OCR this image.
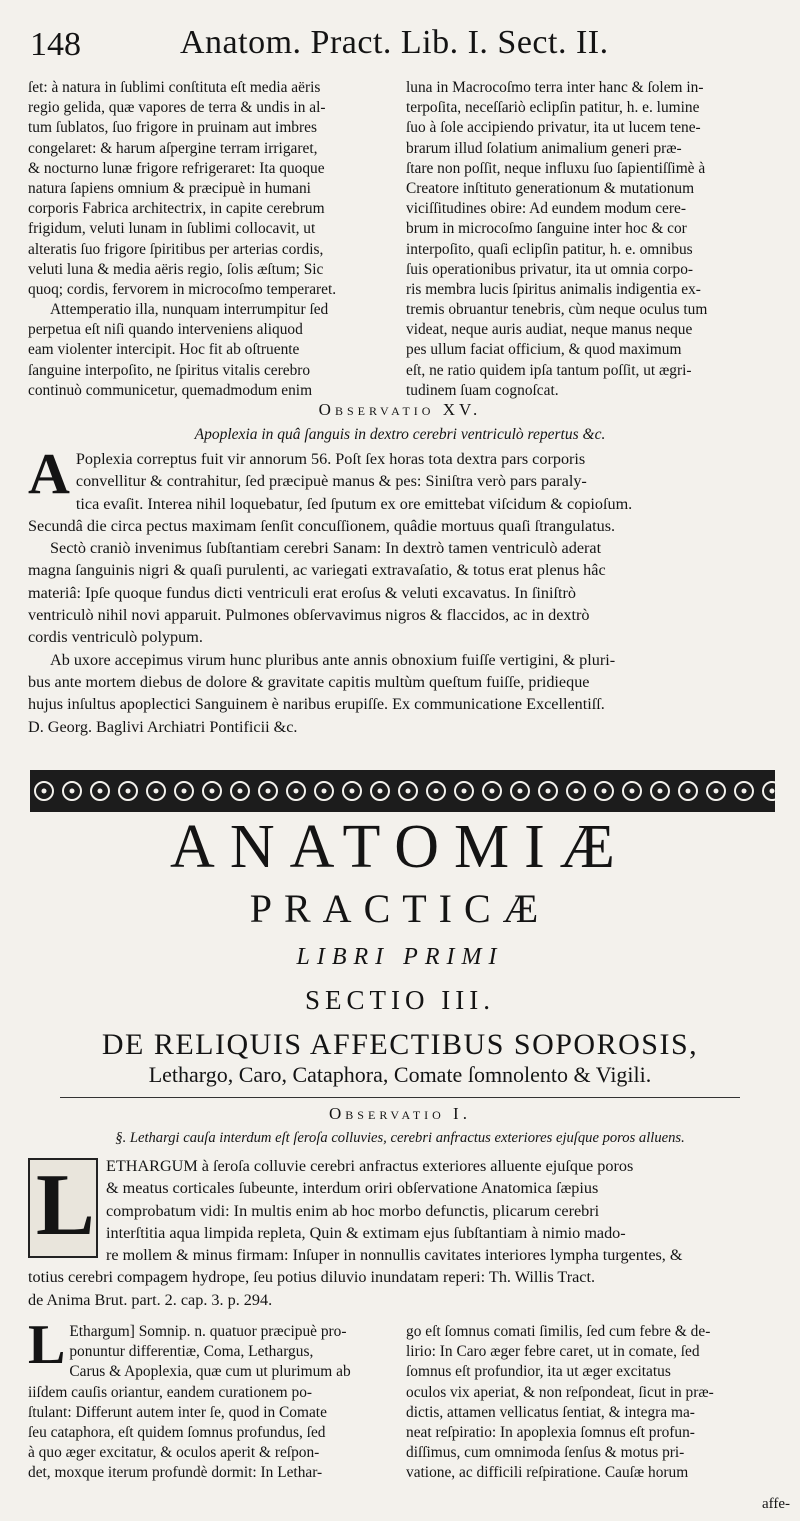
148	Anatom. Pract. Lib. I. Sect. II.
ſet: à natura in ſublimi conſtituta eſt media aëris
regio gelida, quæ vapores de terra & undis in al-
tum ſublatos, ſuo frigore in pruinam aut imbres
congelaret: & harum aſpergine terram irrigaret,
& nocturno lunæ frigore refrigeraret: Ita quoque
natura ſapiens omnium & præcipuè in humani
corporis Fabrica architectrix, in capite cerebrum
frigidum, veluti lunam in ſublimi collocavit, ut
alteratis ſuo frigore ſpiritibus per arterias cordis,
veluti luna & media aëris regio, ſolis æſtum; Sic
quoq; cordis, fervorem in microcoſmo temperaret.
Attemperatio illa, nunquam interrumpitur ſed
perpetua eſt niſi quando interveniens aliquod
eam violenter intercipit. Hoc fit ab oſtruente
ſanguine interpoſito, ne ſpiritus vitalis cerebro
continuò communicetur, quemadmodum enim
luna in Macrocoſmo terra inter hanc & ſolem in-
terpoſita, neceſſariò eclipſin patitur, h. e. lumine
ſuo à ſole accipiendo privatur, ita ut lucem tene-
brarum illud ſolatium animalium generi præ-
ſtare non poſſit, neque influxu ſuo ſapientiſſimè à
Creatore inſtituto generationum & mutationum
viciſſitudines obire: Ad eundem modum cere-
brum in microcoſmo ſanguine inter hoc & cor
interpoſito, quaſi eclipſin patitur, h. e. omnibus
ſuis operationibus privatur, ita ut omnia corpo-
ris membra lucis ſpiritus animalis indigentia ex-
tremis obruantur tenebris, cùm neque oculus tum
videat, neque auris audiat, neque manus neque
pes ullum faciat officium, & quod maximum
eſt, ne ratio quidem ipſa tantum poſſit, ut ægri-
tudinem ſuam cognoſcat.
Observatio XV.
Apoplexia in quâ ſanguis in dextro cerebri ventriculò repertus &c.
A Poplexia correptus fuit vir annorum 56. Poſt ſex horas tota dextra pars corporis
convellitur & contrahitur, ſed præcipuè manus & pes: Siniſtra verò pars paraly-
tica evaſit. Interea nihil loquebatur, ſed ſputum ex ore emittebat viſcidum & copioſum.
Secundâ die circa pectus maximam ſenſit concuſſionem, quâdie mortuus quaſi ſtrangulatus.
Sectò craniò invenimus ſubſtantiam cerebri Sanam: In dextrò tamen ventriculò aderat
magna ſanguinis nigri & quaſi purulenti, ac variegati extravaſatio, & totus erat plenus hâc
materiâ: Ipſe quoque fundus dicti ventriculi erat eroſus & veluti excavatus. In ſiniſtrò
ventriculò nihil novi apparuit. Pulmones obſervavimus nigros & flaccidos, ac in dextrò
cordis ventriculò polypum.
Ab uxore accepimus virum hunc pluribus ante annis obnoxium fuiſſe vertigini, & pluri-
bus ante mortem diebus de dolore & gravitate capitis multùm queſtum fuiſſe, pridieque
hujus inſultus apoplectici Sanguinem è naribus erupiſſe. Ex communicatione Excellentiſſ.
D. Georg. Baglivi Archiatri Pontificii &c.
ANATOMIÆ
PRACTICÆ
LIBRI PRIMI
SECTIO III.
DE RELIQUIS AFFECTIBUS SOPOROSIS,
Lethargo, Caro, Cataphora, Comate ſomnolento & Vigili.
Observatio I.
§. Lethargi cauſa interdum eſt ſeroſa colluvies, cerebri anfractus exteriores ejuſque poros alluens.
L ETHARGUM à ſeroſa colluvie cerebri anfractus exteriores alluente ejuſque poros
& meatus corticales ſubeunte, interdum oriri obſervatione Anatomica ſæpius
comprobatum vidi: In multis enim ab hoc morbo defunctis, plicarum cerebri
interſtitia aqua limpida repleta, Quin & extimam ejus ſubſtantiam à nimio mado-
re mollem & minus firmam: Inſuper in nonnullis cavitates interiores lympha turgentes, &
totius cerebri compagem hydrope, ſeu potius diluvio inundatam reperi: Th. Willis Tract.
de Anima Brut. part. 2. cap. 3. p. 294.
L Ethargum] Somnip. n. quatuor præcipuè pro-
ponuntur differentiæ, Coma, Lethargus,
Carus & Apoplexia, quæ cum ut plurimum ab
iiſdem cauſis oriantur, eandem curationem po-
ſtulant: Differunt autem inter ſe, quod in Comate
ſeu cataphora, eſt quidem ſomnus profundus, ſed
à quo æger excitatur, & oculos aperit & reſpon-
det, moxque iterum profundè dormit: In Lethar-
go eſt ſomnus comati ſimilis, ſed cum febre & de-
lirio: In Caro æger febre caret, ut in comate, ſed
ſomnus eſt profundior, ita ut æger excitatus
oculos vix aperiat, & non reſpondeat, ſicut in præ-
dictis, attamen vellicatus ſentiat, & integra ma-
neat reſpiratio: In apoplexia ſomnus eſt profun-
diſſimus, cum omnimoda ſenſus & motus pri-
vatione, ac difficili reſpiratione. Cauſæ horum
affe-
